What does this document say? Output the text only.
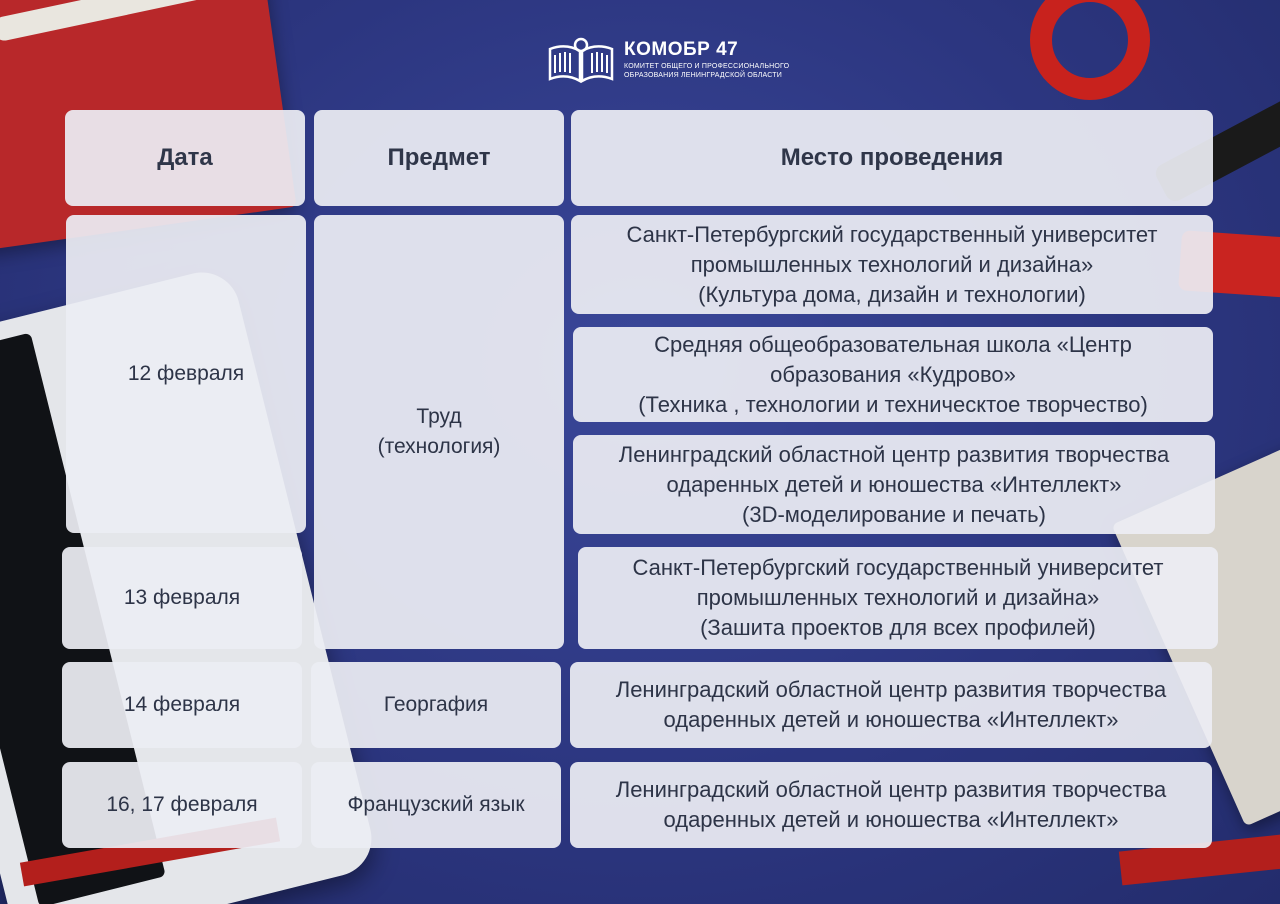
КОМОБР 47
КОМИТЕТ ОБЩЕГО И ПРОФЕССИОНАЛЬНОГО
ОБРАЗОВАНИЯ ЛЕНИНГРАДСКОЙ ОБЛАСТИ
Дата	Предмет	Место проведения
12 февраля
13 февраля
14 февраля
16, 17 февраля
Труд
(технология)
Георгафия
Французский язык
Санкт-Петербургский государственный университет
промышленных технологий и дизайна»
(Культура дома, дизайн и технологии)
Средняя общеобразовательная школа «Центр
образования «Кудрово»
(Техника , технологии и техническтое творчество)
Ленинградский областной центр развития творчества
одаренных детей и юношества «Интеллект»
(3D-моделирование и печать)
Санкт-Петербургский государственный университет
промышленных технологий и дизайна»
(Зашита проектов для всех профилей)
Ленинградский областной центр развития творчества
одаренных детей и юношества «Интеллект»
Ленинградский областной центр развития творчества
одаренных детей и юношества «Интеллект»
